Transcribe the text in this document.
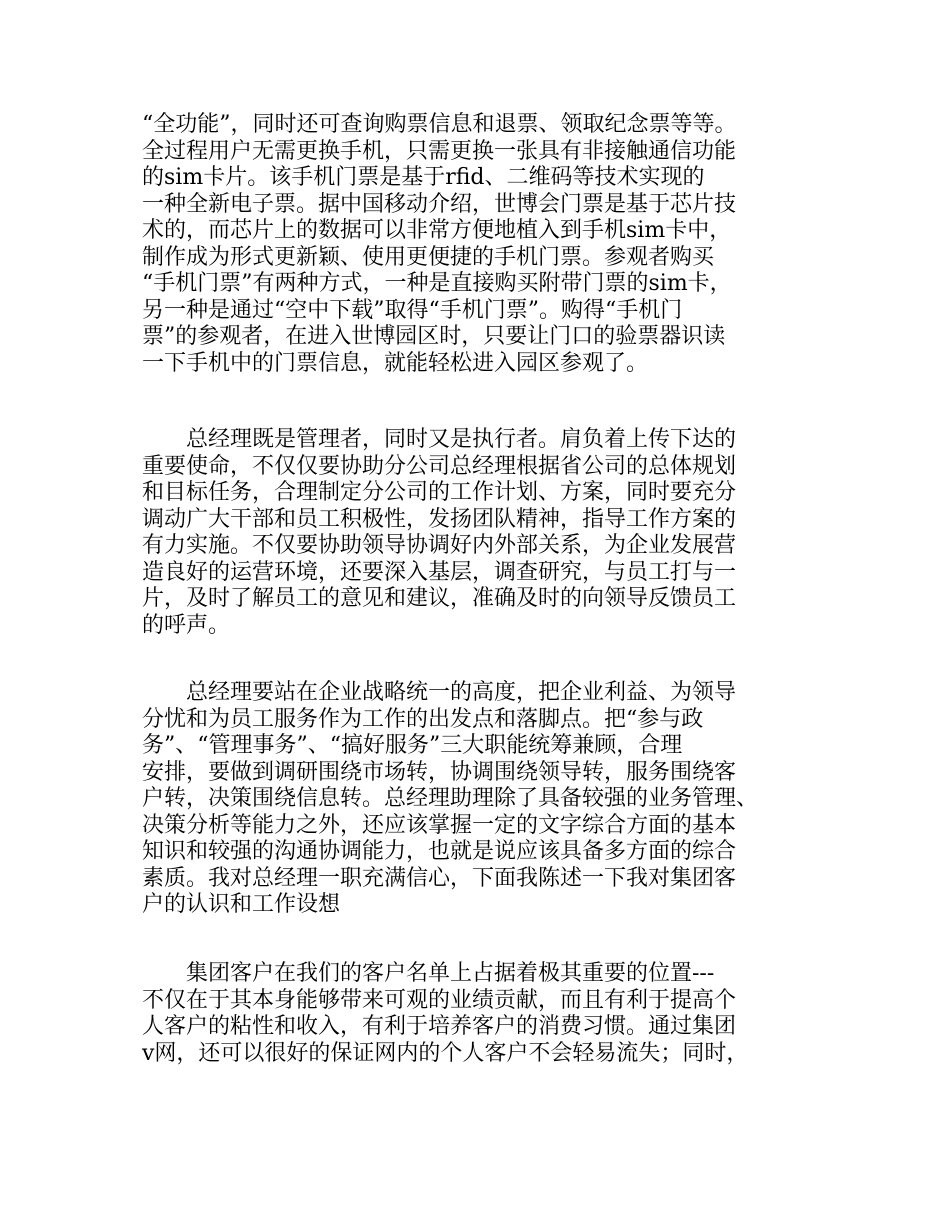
“全功能”，同时还可查询购票信息和退票、领取纪念票等等。
全过程用户无需更换手机，只需更换一张具有非接触通信功能
的sim卡片。该手机门票是基于rfid、二维码等技术实现的
一种全新电子票。据中国移动介绍，世博会门票是基于芯片技
术的，而芯片上的数据可以非常方便地植入到手机sim卡中，
制作成为形式更新颖、使用更便捷的手机门票。参观者购买
“手机门票”有两种方式，一种是直接购买附带门票的sim卡，
另一种是通过“空中下载”取得“手机门票”。购得“手机门
票”的参观者，在进入世博园区时，只要让门口的验票器识读
一下手机中的门票信息，就能轻松进入园区参观了。

　　总经理既是管理者，同时又是执行者。肩负着上传下达的
重要使命，不仅仅要协助分公司总经理根据省公司的总体规划
和目标任务，合理制定分公司的工作计划、方案，同时要充分
调动广大干部和员工积极性，发扬团队精神，指导工作方案的
有力实施。不仅要协助领导协调好内外部关系，为企业发展营
造良好的运营环境，还要深入基层，调查研究，与员工打与一
片，及时了解员工的意见和建议，准确及时的向领导反馈员工
的呼声。

　　总经理要站在企业战略统一的高度，把企业利益、为领导
分忧和为员工服务作为工作的出发点和落脚点。把“参与政
务”、“管理事务”、“搞好服务”三大职能统筹兼顾，合理
安排，要做到调研围绕市场转，协调围绕领导转，服务围绕客
户转，决策围绕信息转。总经理助理除了具备较强的业务管理、
决策分析等能力之外，还应该掌握一定的文字综合方面的基本
知识和较强的沟通协调能力，也就是说应该具备多方面的综合
素质。我对总经理一职充满信心，下面我陈述一下我对集团客
户的认识和工作设想

　　集团客户在我们的客户名单上占据着极其重要的位置---
不仅在于其本身能够带来可观的业绩贡献，而且有利于提高个
人客户的粘性和收入，有利于培养客户的消费习惯。通过集团
v网，还可以很好的保证网内的个人客户不会轻易流失；同时，
